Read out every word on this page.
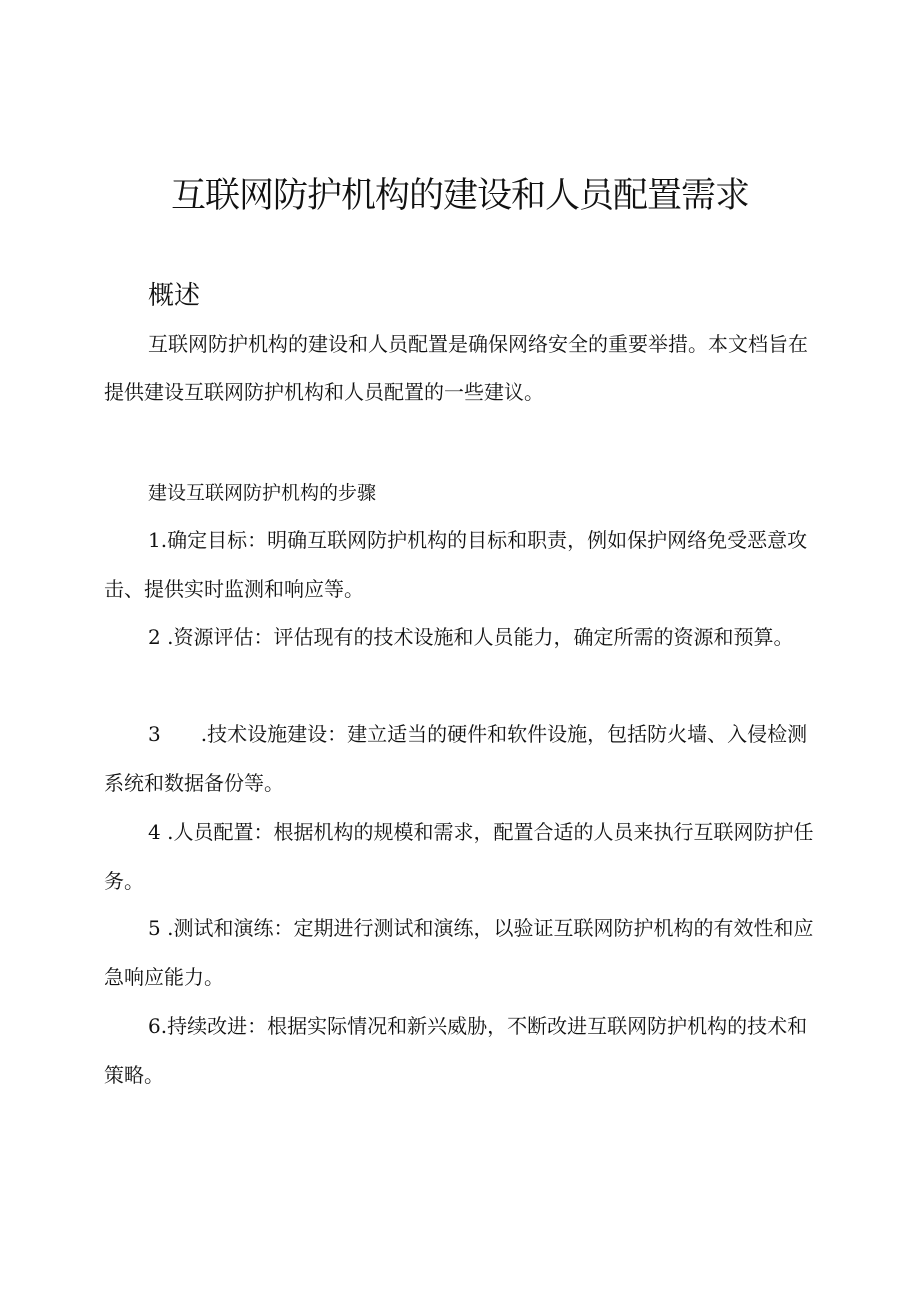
互联网防护机构的建设和人员配置需求
概述

互联网防护机构的建设和人员配置是确保网络安全的重要举措。本文档旨在提供建设互联网防护机构和人员配置的一些建议。

建设互联网防护机构的步骤

1.确定目标：明确互联网防护机构的目标和职责，例如保护网络免受恶意攻击、提供实时监测和响应等。

2 .资源评估：评估现有的技术设施和人员能力，确定所需的资源和预算。

3　　.技术设施建设：建立适当的硬件和软件设施，包括防火墙、入侵检测系统和数据备份等。

4 .人员配置：根据机构的规模和需求，配置合适的人员来执行互联网防护任务。

5 .测试和演练：定期进行测试和演练，以验证互联网防护机构的有效性和应急响应能力。

6.持续改进：根据实际情况和新兴威胁，不断改进互联网防护机构的技术和策略。
